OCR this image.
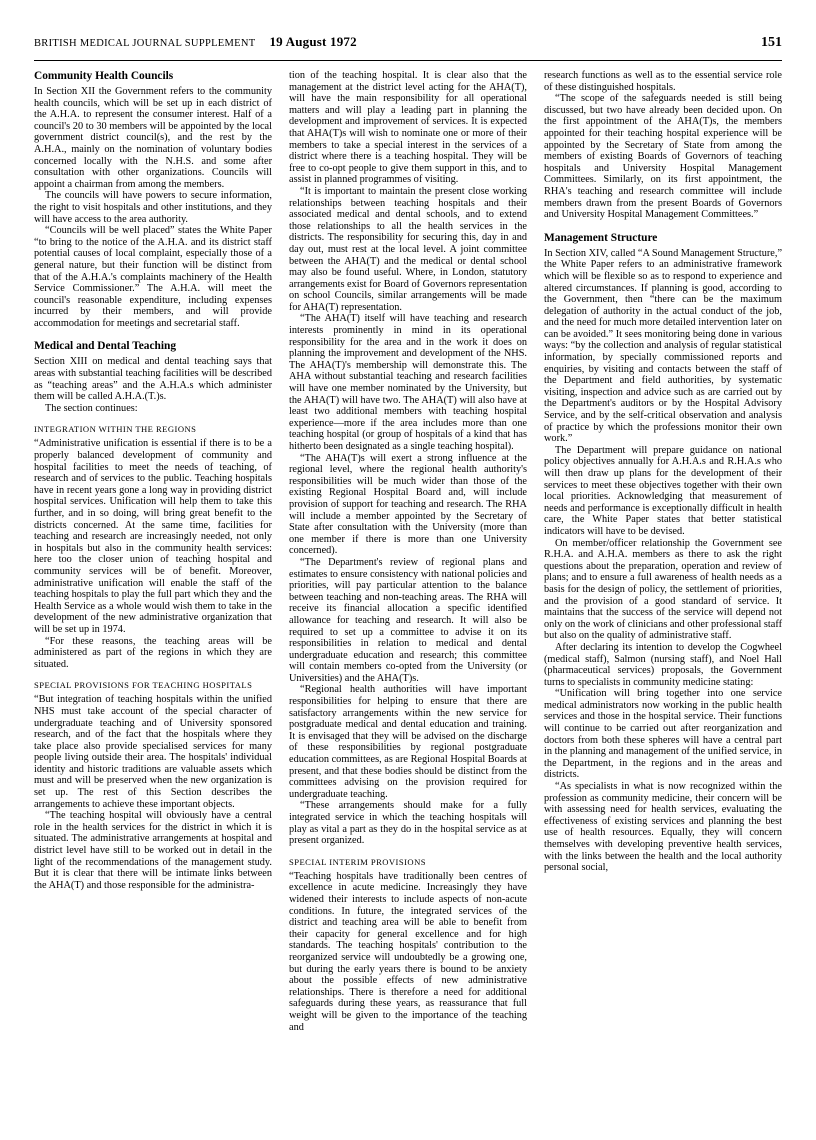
BRITISH MEDICAL JOURNAL SUPPLEMENT 19 August 1972	151
Community Health Councils

In Section XII the Government refers to the community health councils, which will be set up in each district of the A.H.A. to represent the consumer interest. Half of a council's 20 to 30 members will be appointed by the local government district council(s), and the rest by the A.H.A., mainly on the nomination of voluntary bodies concerned locally with the N.H.S. and some after consultation with other organizations. Councils will appoint a chairman from among the members.

The councils will have powers to secure information, the right to visit hospitals and other institutions, and they will have access to the area authority.

“Councils will be well placed” states the White Paper “to bring to the notice of the A.H.A. and its district staff potential causes of local complaint, especially those of a general nature, but their function will be distinct from that of the A.H.A.'s complaints machinery of the Health Service Commissioner.” The A.H.A. will meet the council's reasonable expenditure, including expenses incurred by their members, and will provide accommodation for meetings and secretarial staff.

Medical and Dental Teaching

Section XIII on medical and dental teaching says that areas with substantial teaching facilities will be described as “teaching areas” and the A.H.A.s which administer them will be called A.H.A.(T.)s.

The section continues:

INTEGRATION WITHIN THE REGIONS

“Administrative unification is essential if there is to be a properly balanced development of community and hospital facilities to meet the needs of teaching, of research and of services to the public. Teaching hospitals have in recent years gone a long way in providing district hospital services. Unification will help them to take this further, and in so doing, will bring great benefit to the districts concerned. At the same time, facilities for teaching and research are increasingly needed, not only in hospitals but also in the community health services: here too the closer union of teaching hospital and community services will be of benefit. Moreover, administrative unification will enable the staff of the teaching hospitals to play the full part which they and the Health Service as a whole would wish them to take in the development of the new administrative organization that will be set up in 1974.

“For these reasons, the teaching areas will be administered as part of the regions in which they are situated.

SPECIAL PROVISIONS FOR TEACHING HOSPITALS

“But integration of teaching hospitals within the unified NHS must take account of the special character of undergraduate teaching and of University sponsored research, and of the fact that the hospitals where they take place also provide specialised services for many people living outside their area. The hospitals' individual identity and historic traditions are valuable assets which must and will be preserved when the new organization is set up. The rest of this Section describes the arrangements to achieve these important objects.

“The teaching hospital will obviously have a central role in the health services for the district in which it is situated. The administrative arrangements at hospital and district level have still to be worked out in detail in the light of the recommendations of the management study. But it is clear that there will be intimate links between the AHA(T) and those responsible for the administra-

tion of the teaching hospital. It is clear also that the management at the district level acting for the AHA(T), will have the main responsibility for all operational matters and will play a leading part in planning the development and improvement of services. It is expected that AHA(T)s will wish to nominate one or more of their members to take a special interest in the services of a district where there is a teaching hospital. They will be free to co-opt people to give them support in this, and to assist in planned programmes of visiting.

“It is important to maintain the present close working relationships between teaching hospitals and their associated medical and dental schools, and to extend those relationships to all the health services in the districts. The responsibility for securing this, day in and day out, must rest at the local level. A joint committee between the AHA(T) and the medical or dental school may also be found useful. Where, in London, statutory arrangements exist for Board of Governors representation on school Councils, similar arrangements will be made for AHA(T) representation.

“The AHA(T) itself will have teaching and research interests prominently in mind in its operational responsibility for the area and in the work it does on planning the improvement and development of the NHS. The AHA(T)'s membership will demonstrate this. The AHA without substantial teaching and research facilities will have one member nominated by the University, but the AHA(T) will have two. The AHA(T) will also have at least two additional members with teaching hospital experience—more if the area includes more than one teaching hospital (or group of hospitals of a kind that has hitherto been designated as a single teaching hospital).

“The AHA(T)s will exert a strong influence at the regional level, where the regional health authority's responsibilities will be much wider than those of the existing Regional Hospital Board and, will include provision of support for teaching and research. The RHA will include a member appointed by the Secretary of State after consultation with the University (more than one member if there is more than one University concerned).

“The Department's review of regional plans and estimates to ensure consistency with national policies and priorities, will pay particular attention to the balance between teaching and non-teaching areas. The RHA will receive its financial allocation a specific identified allowance for teaching and research. It will also be required to set up a committee to advise it on its responsibilities in relation to medical and dental undergraduate education and research; this committee will contain members co-opted from the University (or Universities) and the AHA(T)s.

“Regional health authorities will have important responsibilities for helping to ensure that there are satisfactory arrangements within the new service for postgraduate medical and dental education and training. It is envisaged that they will be advised on the discharge of these responsibilities by regional postgraduate education committees, as are Regional Hospital Boards at present, and that these bodies should be distinct from the committees advising on the provision required for undergraduate teaching.

“These arrangements should make for a fully integrated service in which the teaching hospitals will play as vital a part as they do in the hospital service as at present organized.

SPECIAL INTERIM PROVISIONS

“Teaching hospitals have traditionally been centres of excellence in acute medicine. Increasingly they have widened their interests to include aspects of non-acute conditions. In future, the integrated services of the district and teaching area will be able to benefit from their capacity for general excellence and for high standards. The teaching hospitals' contribution to the reorganized service will undoubtedly be a growing one, but during the early years there is bound to be anxiety about the possible effects of new administrative relationships. There is therefore a need for additional safeguards during these years, as reassurance that full weight will be given to the importance of the teaching and

research functions as well as to the essential service role of these distinguished hospitals.

“The scope of the safeguards needed is still being discussed, but two have already been decided upon. On the first appointment of the AHA(T)s, the members appointed for their teaching hospital experience will be appointed by the Secretary of State from among the members of existing Boards of Governors of teaching hospitals and University Hospital Management Committees. Similarly, on its first appointment, the RHA's teaching and research committee will include members drawn from the present Boards of Governors and University Hospital Management Committees.”

Management Structure

In Section XIV, called “A Sound Management Structure,” the White Paper refers to an administrative framework which will be flexible so as to respond to experience and altered circumstances. If planning is good, according to the Government, then “there can be the maximum delegation of authority in the actual conduct of the job, and the need for much more detailed intervention later on can be avoided.” It sees monitoring being done in various ways: “by the collection and analysis of regular statistical information, by specially commissioned reports and enquiries, by visiting and contacts between the staff of the Department and field authorities, by systematic visiting, inspection and advice such as are carried out by the Department's auditors or by the Hospital Advisory Service, and by the self-critical observation and analysis of practice by which the professions monitor their own work.”

The Department will prepare guidance on national policy objectives annually for A.H.A.s and R.H.A.s who will then draw up plans for the development of their services to meet these objectives together with their own local priorities. Acknowledging that measurement of needs and performance is exceptionally difficult in health care, the White Paper states that better statistical indicators will have to be devised.

On member/officer relationship the Government see R.H.A. and A.H.A. members as there to ask the right questions about the preparation, operation and review of plans; and to ensure a full awareness of health needs as a basis for the design of policy, the settlement of priorities, and the provision of a good standard of service. It maintains that the success of the service will depend not only on the work of clinicians and other professional staff but also on the quality of administrative staff.

After declaring its intention to develop the Cogwheel (medical staff), Salmon (nursing staff), and Noel Hall (pharmaceutical services) proposals, the Government turns to specialists in community medicine stating:

“Unification will bring together into one service medical administrators now working in the public health services and those in the hospital service. Their functions will continue to be carried out after reorganization and doctors from both these spheres will have a central part in the planning and management of the unified service, in the Department, in the regions and in the areas and districts.

“As specialists in what is now recognized within the profession as community medicine, their concern will be with assessing need for health services, evaluating the effectiveness of existing services and planning the best use of health resources. Equally, they will concern themselves with developing preventive health services, with the links between the health and the local authority personal social,
